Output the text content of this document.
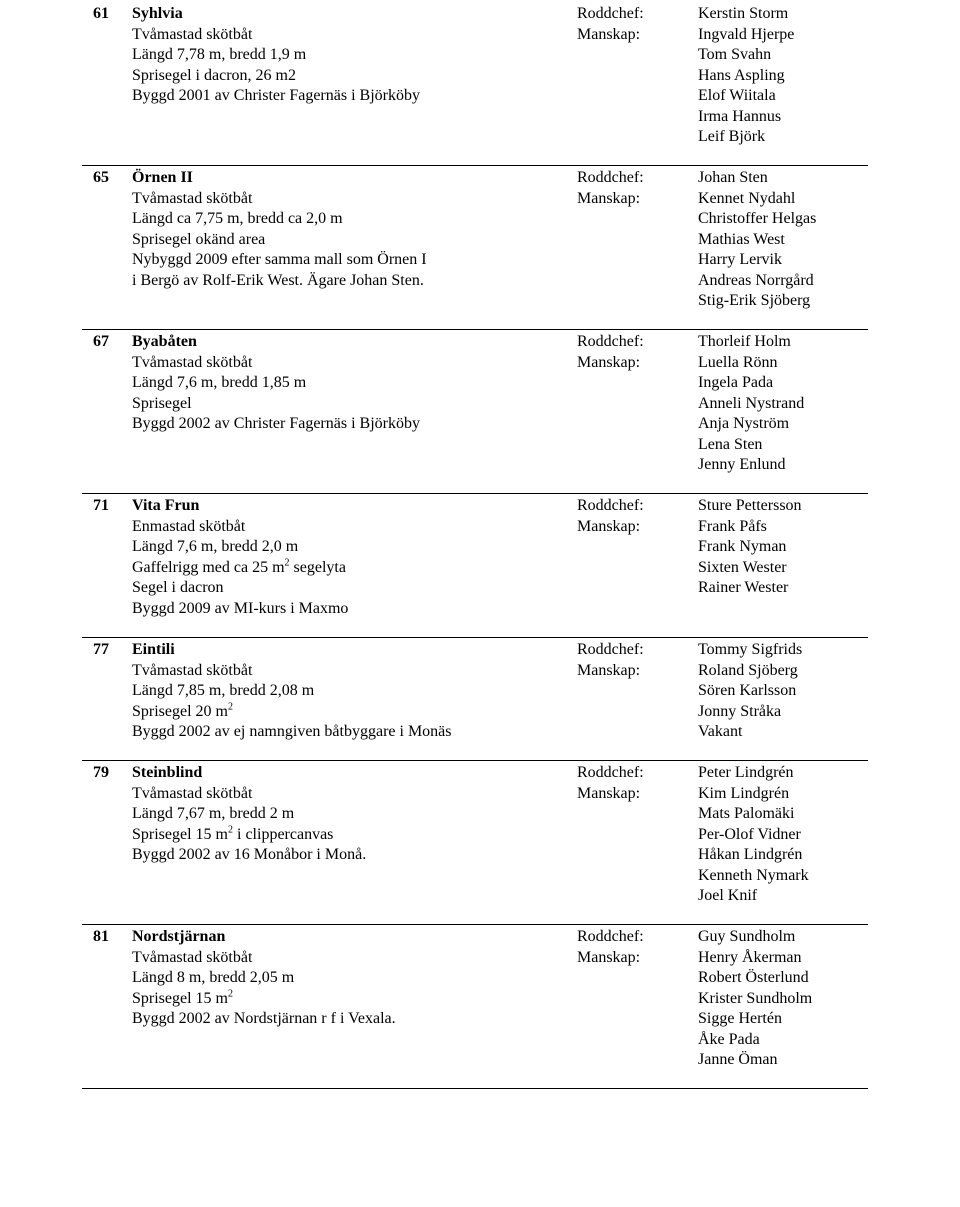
61 Syhlvia
Tvåmastad skötbåt
Längd 7,78 m, bredd 1,9 m
Sprisegel i dacron, 26 m2
Byggd 2001 av Christer Fagernäs i Björköby
Roddchef:
Manskap:
Kerstin Storm
Ingvald Hjerpe
Tom Svahn
Hans Aspling
Elof Wiitala
Irma Hannus
Leif Björk
65 Örnen II
Tvåmastad skötbåt
Längd ca 7,75 m, bredd ca 2,0 m
Sprisegel okänd area
Nybyggd 2009 efter samma mall som Örnen I
i Bergö av Rolf-Erik West. Ägare Johan Sten.
Roddchef:
Manskap:
Johan Sten
Kennet Nydahl
Christoffer Helgas
Mathias West
Harry Lervik
Andreas Norrgård
Stig-Erik Sjöberg
67 Byabåten
Tvåmastad skötbåt
Längd 7,6 m, bredd 1,85 m
Sprisegel
Byggd 2002 av Christer Fagernäs i Björköby
Roddchef:
Manskap:
Thorleif Holm
Luella Rönn
Ingela Pada
Anneli Nystrand
Anja Nyström
Lena Sten
Jenny Enlund
71 Vita Frun
Enmastad skötbåt
Längd 7,6 m, bredd 2,0 m
Gaffelrigg med ca 25 $m^2$ segelyta
Segel i dacron
Byggd 2009 av MI-kurs i Maxmo
Roddchef:
Manskap:
Sture Pettersson
Frank Påfs
Frank Nyman
Sixten Wester
Rainer Wester
77 Eintili
Tvåmastad skötbåt
Längd 7,85 m, bredd 2,08 m
Sprisegel 20 $m^2$
Byggd 2002 av ej namngiven båtbyggare i Monäs
Roddchef:
Manskap:
Tommy Sigfrids
Roland Sjöberg
Sören Karlsson
Jonny Stråka
Vakant
79 Steinblind
Tvåmastad skötbåt
Längd 7,67 m, bredd 2 m
Sprisegel 15 $m^2$ i clippercanvas
Byggd 2002 av 16 Monåbor i Monå.
Roddchef:
Manskap:
Peter Lindgrén
Kim Lindgrén
Mats Palomäki
Per-Olof Vidner
Håkan Lindgrén
Kenneth Nymark
Joel Knif
81 Nordstjärnan
Tvåmastad skötbåt
Längd 8 m, bredd 2,05 m
Sprisegel 15 $m^2$
Byggd 2002 av Nordstjärnan r f i Vexala.
Roddchef:
Manskap:
Guy Sundholm
Henry Åkerman
Robert Österlund
Krister Sundholm
Sigge Hertén
Åke Pada
Janne Öman
